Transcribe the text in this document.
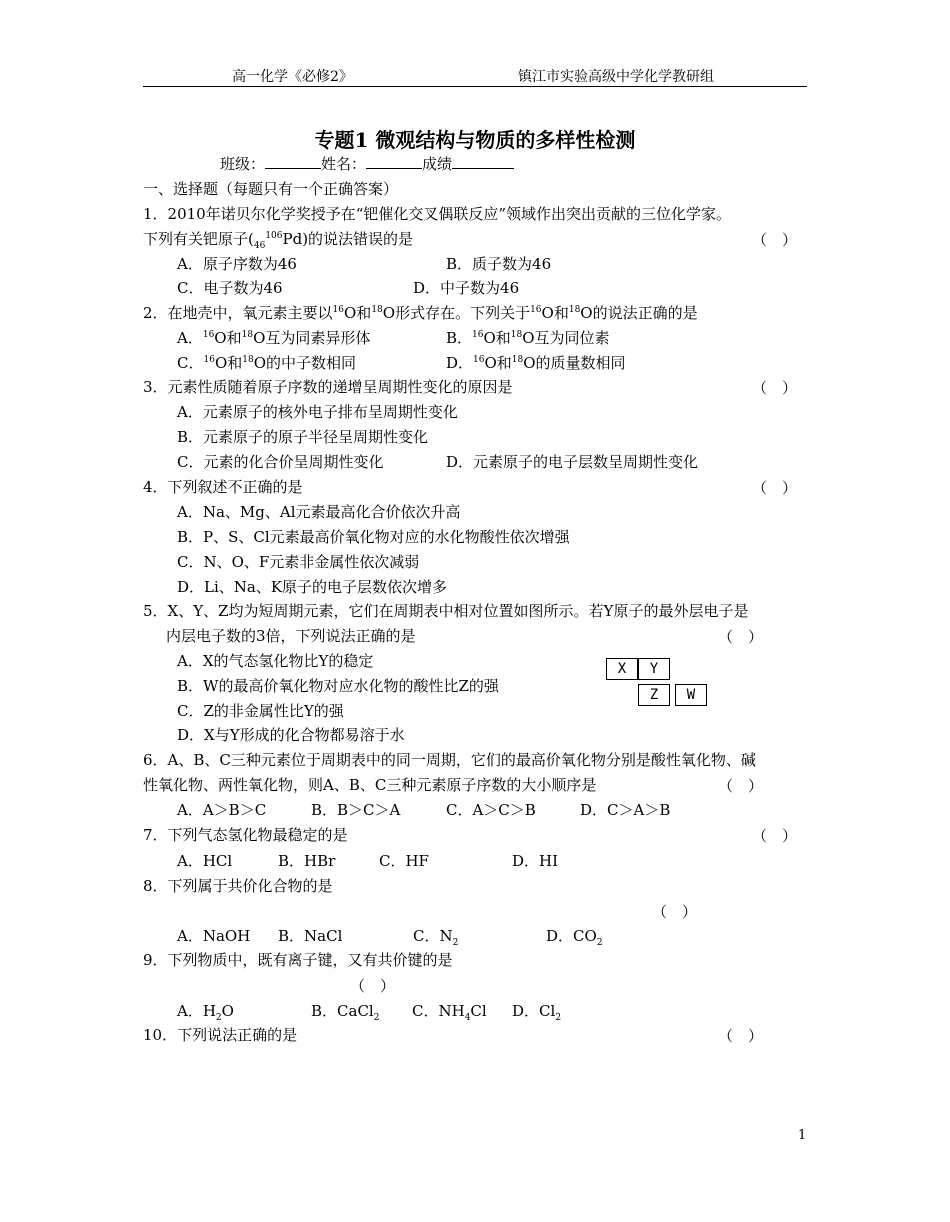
高一化学《必修2》	镇江市实验高级中学化学教研组
专题1 微观结构与物质的多样性检测
班级：	姓名：	成绩
一、选择题（每题只有一个正确答案）
1．2010年诺贝尔化学奖授予在“钯催化交叉偶联反应”领域作出突出贡献的三位化学家。
下列有关钯原子$(_{46}^{106}Pd)$的说法错误的是	（　）
A．原子序数为46	B．质子数为46
C．电子数为46	D．中子数为46
2．在地壳中，氧元素主要以$^{16}$O和$^{18}$O形式存在。下列关于$^{16}$O和$^{18}$O的说法正确的是
A．$^{16}$O和$^{18}$O互为同素异形体	B．$^{16}$O和$^{18}$O互为同位素
C．$^{16}$O和$^{18}$O的中子数相同	D．$^{16}$O和$^{18}$O的质量数相同
3．元素性质随着原子序数的递增呈周期性变化的原因是	（　）
A．元素原子的核外电子排布呈周期性变化
B．元素原子的原子半径呈周期性变化
C．元素的化合价呈周期性变化	D．元素原子的电子层数呈周期性变化
4．下列叙述不正确的是	（　）
A．Na、Mg、Al元素最高化合价依次升高
B．P、S、Cl元素最高价氧化物对应的水化物酸性依次增强
C．N、O、F元素非金属性依次减弱
D．Li、Na、K原子的电子层数依次增多
5．X、Y、Z均为短周期元素，它们在周期表中相对位置如图所示。若Y原子的最外层电子是
内层电子数的3倍，下列说法正确的是	（　）
A．X的气态氢化物比Y的稳定
B．W的最高价氧化物对应水化物的酸性比Z的强
C．Z的非金属性比Y的强
D．X与Y形成的化合物都易溶于水
X	Y
Z	W
6．A、B、C三种元素位于周期表中的同一周期，它们的最高价氧化物分别是酸性氧化物、碱
性氧化物、两性氧化物，则A、B、C三种元素原子序数的大小顺序是	（　）
A．A＞B＞C	B．B＞C＞A	C．A＞C＞B	D．C＞A＞B
7．下列气态氢化物最稳定的是	（　）
A．HCl	B．HBr	C．HF	D．HI
8．下列属于共价化合物的是
（　）
A．NaOH B．NaCl	C．$N_2$	D．$CO_2$
9．下列物质中，既有离子键，又有共价键的是
（　）
A．$H_2O$	B．CaCl$_2$ C．$NH_4Cl$ D．$Cl_2$
10．下列说法正确的是	（　）
1
